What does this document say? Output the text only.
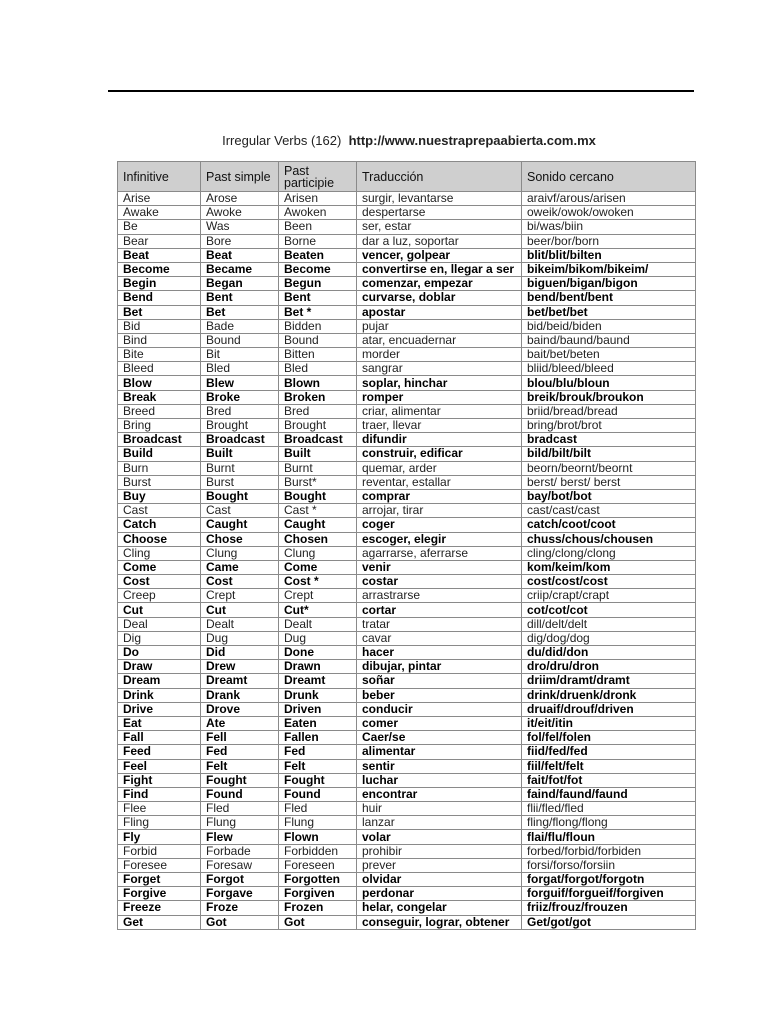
Irregular Verbs (162) http://www.nuestraprepaabierta.com.mx
Infinitive	Past simple	Past participie	Traducción	Sonido cercano
Arise	Arose	Arisen	surgir, levantarse	araivf/arous/arisen
Awake	Awoke	Awoken	despertarse	oweik/owok/owoken
Be	Was	Been	ser, estar	bi/was/biin
Bear	Bore	Borne	dar a luz, soportar	beer/bor/born
Beat	Beat	Beaten	vencer, golpear	blit/blit/bilten
Become	Became	Become	convertirse en, llegar a ser	bikeim/bikom/bikeim/
Begin	Began	Begun	comenzar, empezar	biguen/bigan/bigon
Bend	Bent	Bent	curvarse, doblar	bend/bent/bent
Bet	Bet	Bet *	apostar	bet/bet/bet
Bid	Bade	Bidden	pujar	bid/beid/biden
Bind	Bound	Bound	atar, encuadernar	baind/baund/baund
Bite	Bit	Bitten	morder	bait/bet/beten
Bleed	Bled	Bled	sangrar	bliid/bleed/bleed
Blow	Blew	Blown	soplar, hinchar	blou/blu/bloun
Break	Broke	Broken	romper	breik/brouk/broukon
Breed	Bred	Bred	criar, alimentar	briid/bread/bread
Bring	Brought	Brought	traer, llevar	bring/brot/brot
Broadcast	Broadcast	Broadcast	difundir	bradcast
Build	Built	Built	construir, edificar	bild/bilt/bilt
Burn	Burnt	Burnt	quemar, arder	beorn/beornt/beornt
Burst	Burst	Burst*	reventar, estallar	berst/ berst/ berst
Buy	Bought	Bought	comprar	bay/bot/bot
Cast	Cast	Cast *	arrojar, tirar	cast/cast/cast
Catch	Caught	Caught	coger	catch/coot/coot
Choose	Chose	Chosen	escoger, elegir	chuss/chous/chousen
Cling	Clung	Clung	agarrarse, aferrarse	cling/clong/clong
Come	Came	Come	venir	kom/keim/kom
Cost	Cost	Cost *	costar	cost/cost/cost
Creep	Crept	Crept	arrastrarse	criip/crapt/crapt
Cut	Cut	Cut*	cortar	cot/cot/cot
Deal	Dealt	Dealt	tratar	dill/delt/delt
Dig	Dug	Dug	cavar	dig/dog/dog
Do	Did	Done	hacer	du/did/don
Draw	Drew	Drawn	dibujar, pintar	dro/dru/dron
Dream	Dreamt	Dreamt	soñar	driim/dramt/dramt
Drink	Drank	Drunk	beber	drink/druenk/dronk
Drive	Drove	Driven	conducir	druaif/drouf/driven
Eat	Ate	Eaten	comer	it/eit/itin
Fall	Fell	Fallen	Caer/se	fol/fel/folen
Feed	Fed	Fed	alimentar	fiid/fed/fed
Feel	Felt	Felt	sentir	fiil/felt/felt
Fight	Fought	Fought	luchar	fait/fot/fot
Find	Found	Found	encontrar	faind/faund/faund
Flee	Fled	Fled	huir	flii/fled/fled
Fling	Flung	Flung	lanzar	fling/flong/flong
Fly	Flew	Flown	volar	flai/flu/floun
Forbid	Forbade	Forbidden	prohibir	forbed/forbid/forbiden
Foresee	Foresaw	Foreseen	prever	forsi/forso/forsiin
Forget	Forgot	Forgotten	olvidar	forgat/forgot/forgotn
Forgive	Forgave	Forgiven	perdonar	forguif/forgueif/forgiven
Freeze	Froze	Frozen	helar, congelar	friiz/frouz/frouzen
Get	Got	Got	conseguir, lograr, obtener	Get/got/got
